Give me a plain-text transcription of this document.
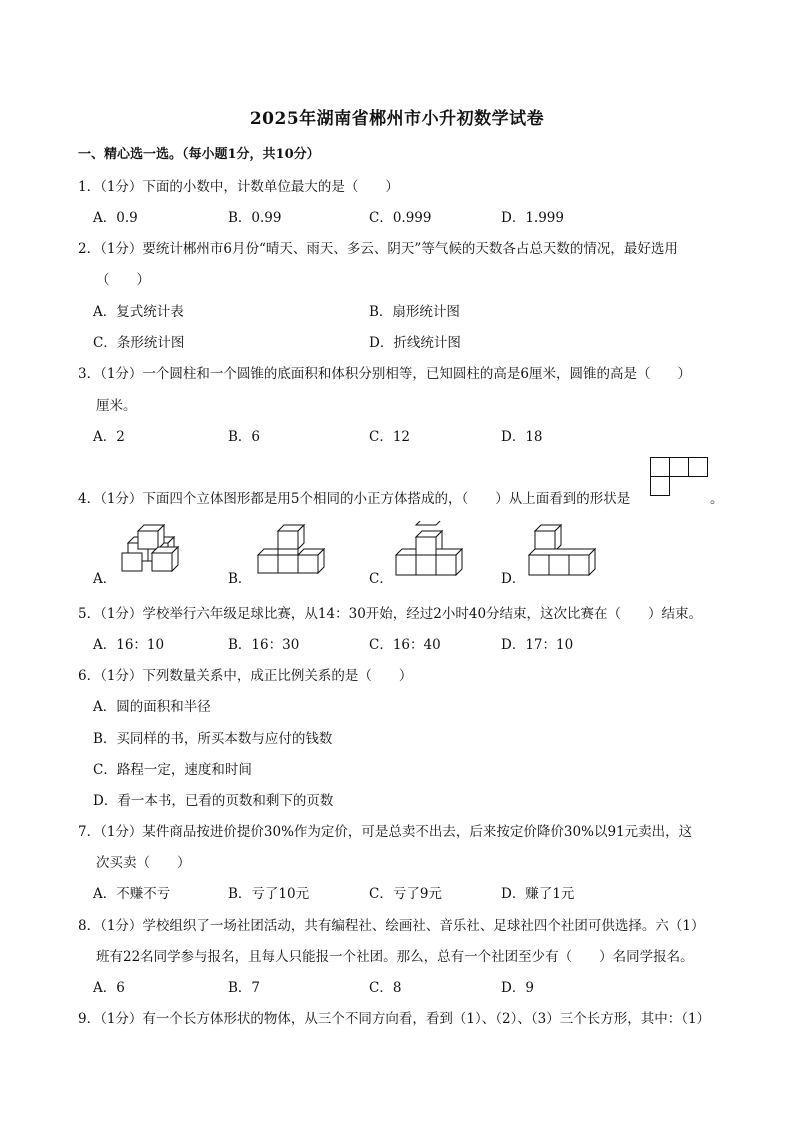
2025年湖南省郴州市小升初数学试卷
一、精心选一选。（每小题1分，共10分）
1．（1分）下面的小数中，计数单位最大的是（　　）
A．0.9	B．0.99	C．0.999	D．1.999
2．（1分）要统计郴州市6月份“晴天、雨天、多云、阴天”等气候的天数各占总天数的情况，最好选用
（　　）
A．复式统计表	B．扇形统计图
C．条形统计图	D．折线统计图
3．（1分）一个圆柱和一个圆锥的底面积和体积分别相等，已知圆柱的高是6厘米，圆锥的高是（　　）
厘米。
A．2	B．6	C．12	D．18
4．（1分）下面四个立体图形都是用5个相同的小正方体搭成的，（　　）从上面看到的形状是	。
A．	B．	C．	D．
5．（1分）学校举行六年级足球比赛，从14：30开始，经过2小时40分结束，这次比赛在（　　）结束。
A．16：10	B．16：30	C．16：40	D．17：10
6．（1分）下列数量关系中，成正比例关系的是（　　）
A．圆的面积和半径
B．买同样的书，所买本数与应付的钱数
C．路程一定，速度和时间
D．看一本书，已看的页数和剩下的页数
7．（1分）某件商品按进价提价30%作为定价，可是总卖不出去，后来按定价降价30%以91元卖出，这
次买卖（　　）
A．不赚不亏	B．亏了10元	C．亏了9元	D．赚了1元
8．（1分）学校组织了一场社团活动，共有编程社、绘画社、音乐社、足球社四个社团可供选择。六（1）
班有22名同学参与报名，且每人只能报一个社团。那么，总有一个社团至少有（　　）名同学报名。
A．6	B．7	C．8	D．9
9．（1分）有一个长方体形状的物体，从三个不同方向看，看到（1）、（2）、（3）三个长方形，其中：（1）
